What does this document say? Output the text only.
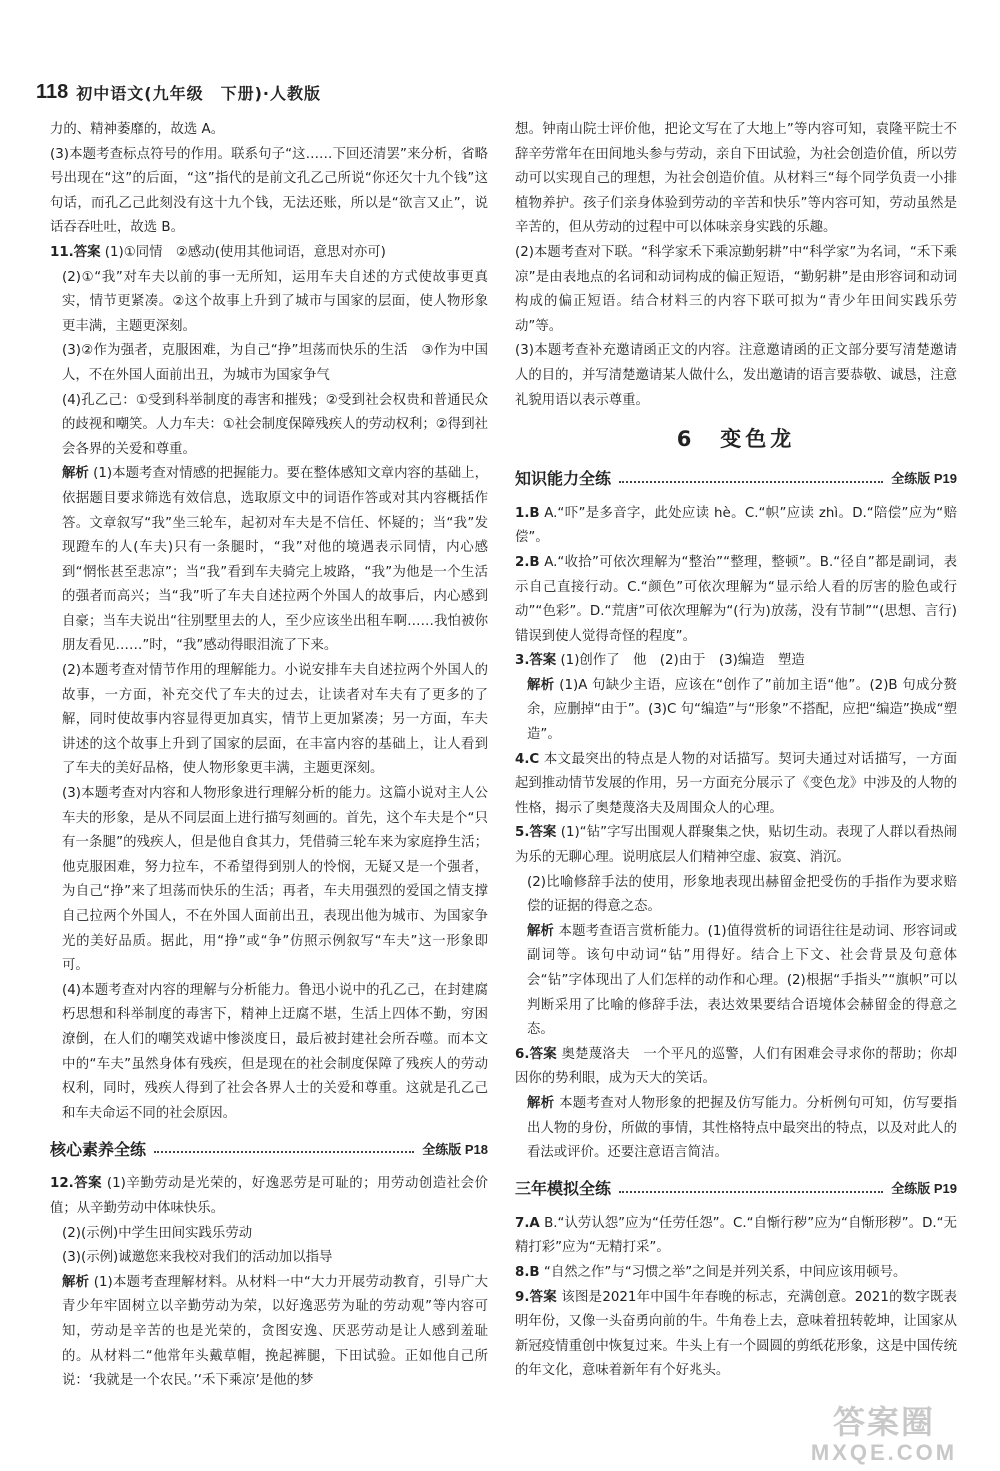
118 初中语文(九年级　下册)·人教版

力的、精神萎靡的，故选 A。

(3)本题考查标点符号的作用。联系句子“这……下回还清罢”来分析，省略号出现在“这”的后面，“这”指代的是前文孔乙己所说“你还欠十九个钱”这句话，而孔乙己此刻没有这十九个钱，无法还账，所以是“欲言又止”，说话吞吞吐吐，故选 B。

11.答案 (1)①同情　②感动(使用其他词语，意思对亦可)

(2)①“我”对车夫以前的事一无所知，运用车夫自述的方式使故事更真实，情节更紧凑。②这个故事上升到了城市与国家的层面，使人物形象更丰满，主题更深刻。

(3)②作为强者，克服困难，为自己“挣”坦荡而快乐的生活　③作为中国人，不在外国人面前出丑，为城市为国家争气

(4)孔乙己：①受到科举制度的毒害和摧残；②受到社会权贵和普通民众的歧视和嘲笑。人力车夫：①社会制度保障残疾人的劳动权利；②得到社会各界的关爱和尊重。

解析 (1)本题考查对情感的把握能力。要在整体感知文章内容的基础上，依据题目要求筛选有效信息，选取原文中的词语作答或对其内容概括作答。文章叙写“我”坐三轮车，起初对车夫是不信任、怀疑的；当“我”发现蹬车的人(车夫)只有一条腿时，“我”对他的境遇表示同情，内心感到“惘怅甚至悲凉”；当“我”看到车夫骑完上坡路，“我”为他是一个生活的强者而高兴；当“我”听了车夫自述拉两个外国人的故事后，内心感到自豪；当车夫说出“往别墅里去的人，至少应该坐出租车啊……我怕被你朋友看见……”时，“我”感动得眼泪流了下来。

(2)本题考查对情节作用的理解能力。小说安排车夫自述拉两个外国人的故事，一方面，补充交代了车夫的过去，让读者对车夫有了更多的了解，同时使故事内容显得更加真实，情节上更加紧凑；另一方面，车夫讲述的这个故事上升到了国家的层面，在丰富内容的基础上，让人看到了车夫的美好品格，使人物形象更丰满，主题更深刻。

(3)本题考查对内容和人物形象进行理解分析的能力。这篇小说对主人公车夫的形象，是从不同层面上进行描写刻画的。首先，这个车夫是个“只有一条腿”的残疾人，但是他自食其力，凭借骑三轮车来为家庭挣生活；他克服困难，努力拉车，不希望得到别人的怜悯，无疑又是一个强者，为自己“挣”来了坦荡而快乐的生活；再者，车夫用强烈的爱国之情支撑自己拉两个外国人，不在外国人面前出丑，表现出他为城市、为国家争光的美好品质。据此，用“挣”或“争”仿照示例叙写“车夫”这一形象即可。

(4)本题考查对内容的理解与分析能力。鲁迅小说中的孔乙己，在封建腐朽思想和科举制度的毒害下，精神上迂腐不堪，生活上四体不勤，穷困潦倒，在人们的嘲笑戏谑中惨淡度日，最后被封建社会所吞噬。而本文中的“车夫”虽然身体有残疾，但是现在的社会制度保障了残疾人的劳动权利，同时，残疾人得到了社会各界人士的关爱和尊重。这就是孔乙己和车夫命运不同的社会原因。

核心素养全练	全练版 P18

12.答案 (1)辛勤劳动是光荣的，好逸恶劳是可耻的；用劳动创造社会价值；从辛勤劳动中体味快乐。

(2)(示例)中学生田间实践乐劳动

(3)(示例)诚邀您来我校对我们的活动加以指导

解析 (1)本题考查理解材料。从材料一中“大力开展劳动教育，引导广大青少年牢固树立以辛勤劳动为荣，以好逸恶劳为耻的劳动观”等内容可知，劳动是辛苦的也是光荣的，贪图安逸、厌恶劳动是让人感到羞耻的。从材料二“他常年头戴草帽，挽起裤腿，下田试验。正如他自己所说：‘我就是一个农民。’‘禾下乘凉’是他的梦

想。钟南山院士评价他，把论文写在了大地上”等内容可知，袁隆平院士不辞辛劳常年在田间地头参与劳动，亲自下田试验，为社会创造价值，所以劳动可以实现自己的理想，为社会创造价值。从材料三“每个同学负责一小排植物养护。孩子们亲身体验到劳动的辛苦和快乐”等内容可知，劳动虽然是辛苦的，但从劳动的过程中可以体味亲身实践的乐趣。

(2)本题考查对下联。“科学家禾下乘凉勤躬耕”中“科学家”为名词，“禾下乘凉”是由表地点的名词和动词构成的偏正短语，“勤躬耕”是由形容词和动词构成的偏正短语。结合材料三的内容下联可拟为“青少年田间实践乐劳动”等。

(3)本题考查补充邀请函正文的内容。注意邀请函的正文部分要写清楚邀请人的目的，并写清楚邀请某人做什么，发出邀请的语言要恭敬、诚恳，注意礼貌用语以表示尊重。

6　变色龙
知识能力全练	全练版 P19

1.B A.“吓”是多音字，此处应读 hè。C.“帜”应读 zhì。D.“陪偿”应为“赔偿”。

2.B A.“收拾”可依次理解为“整治”“整理，整顿”。B.“径自”都是副词，表示自己直接行动。C.“颜色”可依次理解为“显示给人看的厉害的脸色或行动”“色彩”。D.“荒唐”可依次理解为“(行为)放荡，没有节制”“(思想、言行)错误到使人觉得奇怪的程度”。

3.答案 (1)创作了　他　(2)由于　(3)编造　塑造

解析 (1)A 句缺少主语，应该在“创作了”前加主语“他”。(2)B 句成分赘余，应删掉“由于”。(3)C 句“编造”与“形象”不搭配，应把“编造”换成“塑造”。

4.C 本文最突出的特点是人物的对话描写。契诃夫通过对话描写，一方面起到推动情节发展的作用，另一方面充分展示了《变色龙》中涉及的人物的性格，揭示了奥楚蔑洛夫及周围众人的心理。

5.答案 (1)“钻”字写出围观人群聚集之快，贴切生动。表现了人群以看热闹为乐的无聊心理。说明底层人们精神空虚、寂寞、消沉。

(2)比喻修辞手法的使用，形象地表现出赫留金把受伤的手指作为要求赔偿的证据的得意之态。

解析 本题考查语言赏析能力。(1)值得赏析的词语往往是动词、形容词或副词等。该句中动词“钻”用得好。结合上下文、社会背景及句意体会“钻”字体现出了人们怎样的动作和心理。(2)根据“手指头”“旗帜”可以判断采用了比喻的修辞手法，表达效果要结合语境体会赫留金的得意之态。

6.答案 奥楚蔑洛夫　一个平凡的巡警，人们有困难会寻求你的帮助；你却因你的势利眼，成为天大的笑话。

解析 本题考查对人物形象的把握及仿写能力。分析例句可知，仿写要指出人物的身份，所做的事情，其性格特点中最突出的特点，以及对此人的看法或评价。还要注意语言简洁。

三年模拟全练	全练版 P19

7.A B.“认劳认怨”应为“任劳任怨”。C.“自惭行秽”应为“自惭形秽”。D.“无精打彩”应为“无精打采”。

8.B “自然之作”与“习惯之举”之间是并列关系，中间应该用顿号。

9.答案 该图是2021年中国牛年春晚的标志，充满创意。2021的数字既表明年份，又像一头奋勇向前的牛。牛角卷上去，意味着扭转乾坤，让国家从新冠疫情重创中恢复过来。牛头上有一个圆圆的剪纸花形象，这是中国传统的年文化，意味着新年有个好兆头。

答案圈
MXQE.COM
